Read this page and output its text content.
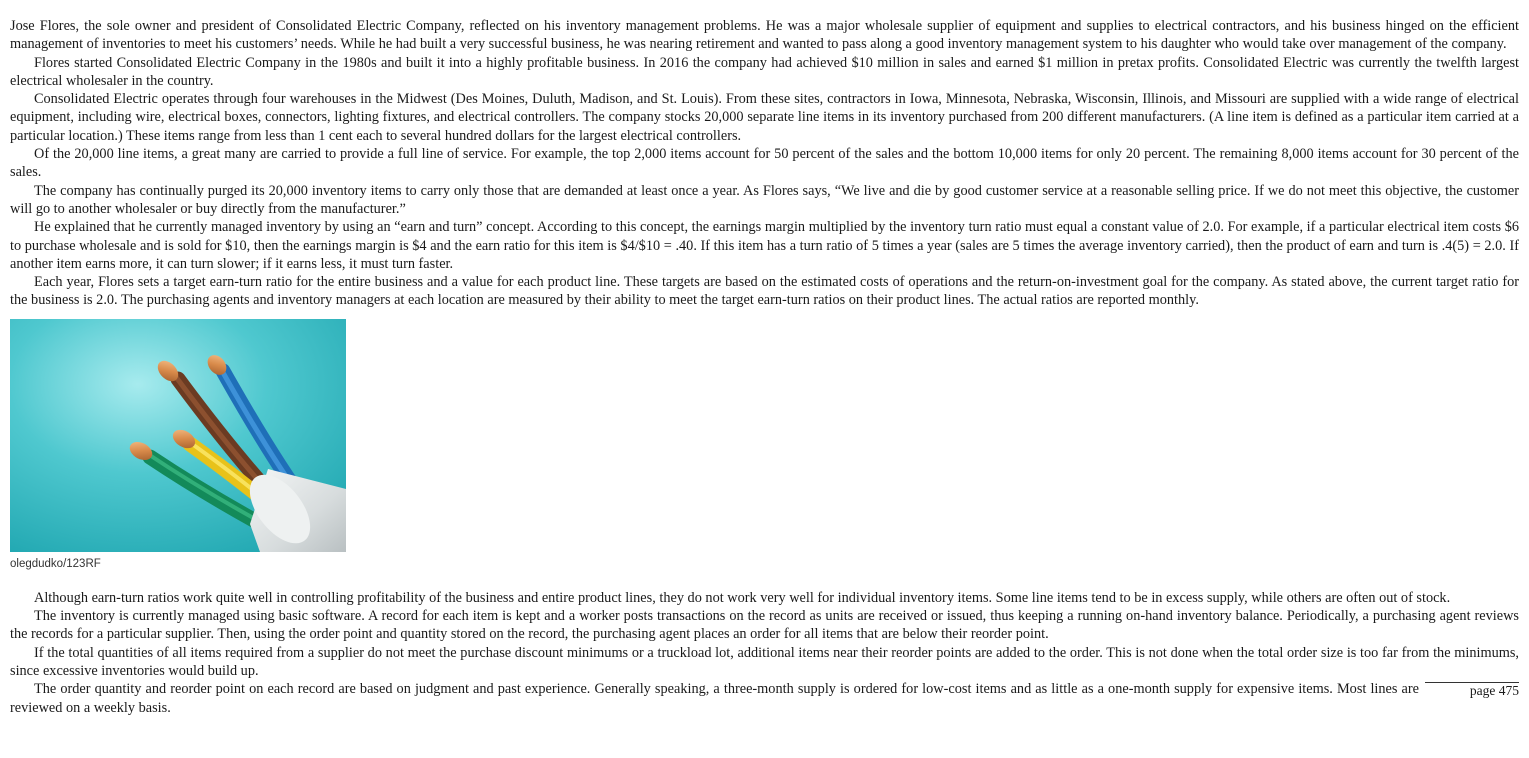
Jose Flores, the sole owner and president of Consolidated Electric Company, reflected on his inventory management problems. He was a major wholesale supplier of equipment and supplies to electrical contractors, and his business hinged on the efficient management of inventories to meet his customers’ needs. While he had built a very successful business, he was nearing retirement and wanted to pass along a good inventory management system to his daughter who would take over management of the company.

Flores started Consolidated Electric Company in the 1980s and built it into a highly profitable business. In 2016 the company had achieved $10 million in sales and earned $1 million in pretax profits. Consolidated Electric was currently the twelfth largest electrical wholesaler in the country.

Consolidated Electric operates through four warehouses in the Midwest (Des Moines, Duluth, Madison, and St. Louis). From these sites, contractors in Iowa, Minnesota, Nebraska, Wisconsin, Illinois, and Missouri are supplied with a wide range of electrical equipment, including wire, electrical boxes, connectors, lighting fixtures, and electrical controllers. The company stocks 20,000 separate line items in its inventory purchased from 200 different manufacturers. (A line item is defined as a particular item carried at a particular location.) These items range from less than 1 cent each to several hundred dollars for the largest electrical controllers.

Of the 20,000 line items, a great many are carried to provide a full line of service. For example, the top 2,000 items account for 50 percent of the sales and the bottom 10,000 items for only 20 percent. The remaining 8,000 items account for 30 percent of the sales.

The company has continually purged its 20,000 inventory items to carry only those that are demanded at least once a year. As Flores says, “We live and die by good customer service at a reasonable selling price. If we do not meet this objective, the customer will go to another wholesaler or buy directly from the manufacturer.”

He explained that he currently managed inventory by using an “earn and turn” concept. According to this concept, the earnings margin multiplied by the inventory turn ratio must equal a constant value of 2.0. For example, if a particular electrical item costs $6 to purchase wholesale and is sold for $10, then the earnings margin is $4 and the earn ratio for this item is $4/$10 = .40. If this item has a turn ratio of 5 times a year (sales are 5 times the average inventory carried), then the product of earn and turn is .4(5) = 2.0. If another item earns more, it can turn slower; if it earns less, it must turn faster.

Each year, Flores sets a target earn-turn ratio for the entire business and a value for each product line. These targets are based on the estimated costs of operations and the return-on-investment goal for the company. As stated above, the current target ratio for the business is 2.0. The purchasing agents and inventory managers at each location are measured by their ability to meet the target earn-turn ratios on their product lines. The actual ratios are reported monthly.

olegdudko/123RF

Although earn-turn ratios work quite well in controlling profitability of the business and entire product lines, they do not work very well for individual inventory items. Some line items tend to be in excess supply, while others are often out of stock.

The inventory is currently managed using basic software. A record for each item is kept and a worker posts transactions on the record as units are received or issued, thus keeping a running on-hand inventory balance. Periodically, a purchasing agent reviews the records for a particular supplier. Then, using the order point and quantity stored on the record, the purchasing agent places an order for all items that are below their reorder point.

If the total quantities of all items required from a supplier do not meet the purchase discount minimums or a truckload lot, additional items near their reorder points are added to the order. This is not done when the total order size is too far from the minimums, since excessive inventories would build up.

page 475
The order quantity and reorder point on each record are based on judgment and past experience. Generally speaking, a three-month supply is ordered for low-cost items and as little as a one-month supply for expensive items. Most lines are reviewed on a weekly basis.
